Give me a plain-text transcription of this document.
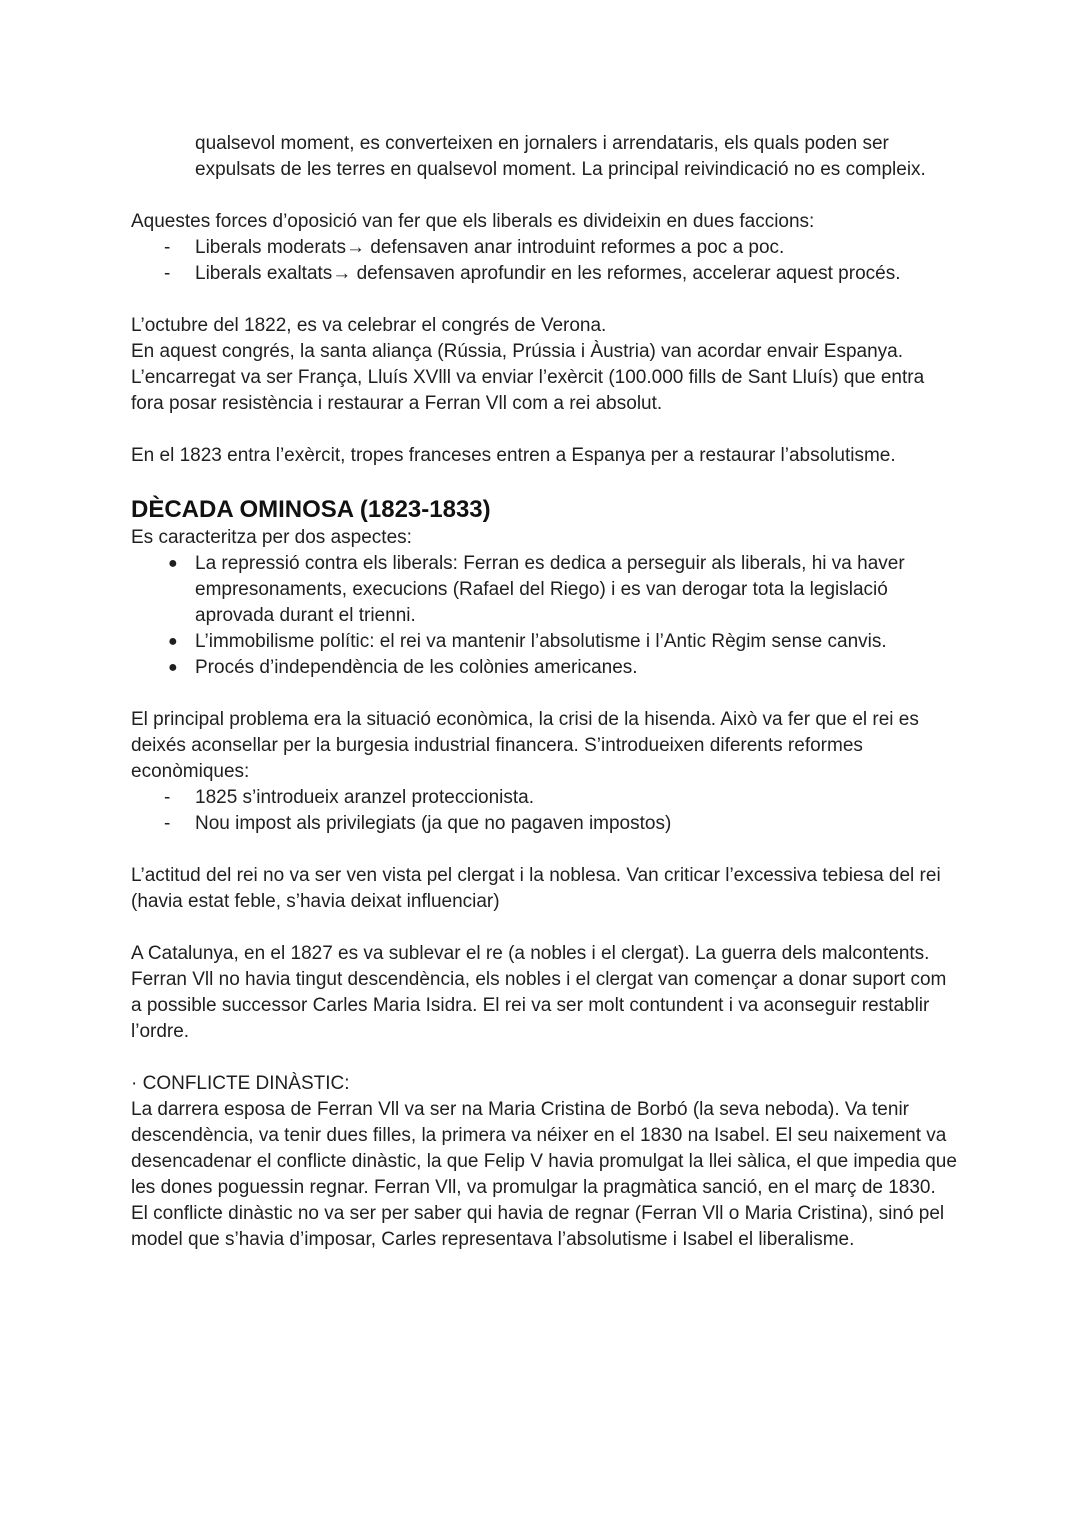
qualsevol moment, es converteixen en jornalers i arrendataris, els quals poden ser expulsats de les terres en qualsevol moment. La principal reivindicació no es compleix.

Aquestes forces d’oposició van fer que els liberals es divideixin en dues faccions:

- Liberals moderats→ defensaven anar introduint reformes a poc a poc.
- Liberals exaltats→ defensaven aprofundir en les reformes, accelerar aquest procés.

L’octubre del 1822, es va celebrar el congrés de Verona.

En aquest congrés, la santa aliança (Rússia, Prússia i Àustria) van acordar envair Espanya. L’encarregat va ser França, Lluís XVlll va enviar l’exèrcit (100.000 fills de Sant Lluís) que entra fora posar resistència i restaurar a Ferran Vll com a rei absolut.

En el 1823 entra l’exèrcit, tropes franceses entren a Espanya per a restaurar l’absolutisme.

DÈCADA OMINOSA (1823-1833)

Es caracteritza per dos aspectes:

● La repressió contra els liberals: Ferran es dedica a perseguir als liberals, hi va haver empresonaments, execucions (Rafael del Riego) i es van derogar tota la legislació aprovada durant el trienni.
● L’immobilisme polític: el rei va mantenir l’absolutisme i l’Antic Règim sense canvis.
● Procés d’independència de les colònies americanes.

El principal problema era la situació econòmica, la crisi de la hisenda. Això va fer que el rei es deixés aconsellar per la burgesia industrial financera. S’introdueixen diferents reformes econòmiques:

- 1825 s’introdueix aranzel proteccionista.
- Nou impost als privilegiats (ja que no pagaven impostos)

L’actitud del rei no va ser ven vista pel clergat i la noblesa. Van criticar l’excessiva tebiesa del rei (havia estat feble, s’havia deixat influenciar)

A Catalunya, en el 1827 es va sublevar el re (a nobles i el clergat). La guerra dels malcontents.

Ferran Vll no havia tingut descendència, els nobles i el clergat van començar a donar suport com a possible successor Carles Maria Isidra. El rei va ser molt contundent i va aconseguir restablir l’ordre.

· CONFLICTE DINÀSTIC:

La darrera esposa de Ferran Vll va ser na Maria Cristina de Borbó (la seva neboda). Va tenir descendència, va tenir dues filles, la primera va néixer en el 1830 na Isabel. El seu naixement va desencadenar el conflicte dinàstic, la que Felip V havia promulgat la llei sàlica, el que impedia que les dones poguessin regnar. Ferran Vll, va promulgar la pragmàtica sanció, en el març de 1830.

El conflicte dinàstic no va ser per saber qui havia de regnar (Ferran Vll o Maria Cristina), sinó pel model que s’havia d’imposar, Carles representava l’absolutisme i Isabel el liberalisme.
